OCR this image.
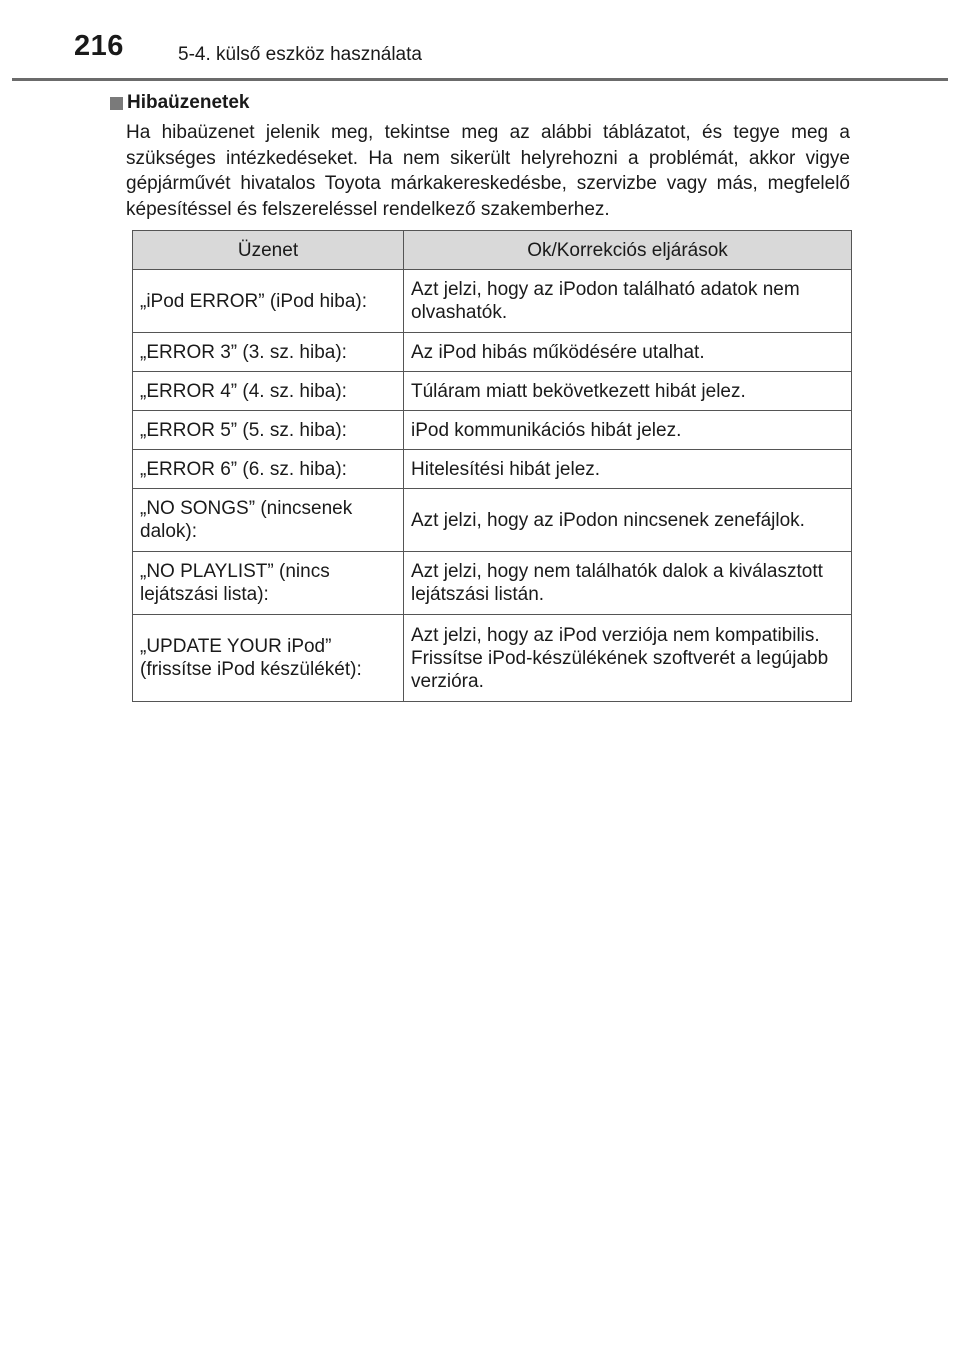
216	5-4. külső eszköz használata
Hibaüzenetek

Ha hibaüzenet jelenik meg, tekintse meg az alábbi táblázatot, és tegye meg a szükséges intézkedéseket. Ha nem sikerült helyrehozni a problémát, akkor vigye gépjárművét hivatalos Toyota márkakereskedésbe, szervizbe vagy más, megfelelő képesítéssel és felszereléssel rendelkező szakemberhez.

Üzenet	Ok/Korrekciós eljárások
„iPod ERROR” (iPod hiba):	Azt jelzi, hogy az iPodon található adatok nem olvashatók.
„ERROR 3” (3. sz. hiba):	Az iPod hibás működésére utalhat.
„ERROR 4” (4. sz. hiba):	Túláram miatt bekövetkezett hibát jelez.
„ERROR 5” (5. sz. hiba):	iPod kommunikációs hibát jelez.
„ERROR 6” (6. sz. hiba):	Hitelesítési hibát jelez.
„NO SONGS” (nincsenek dalok):	Azt jelzi, hogy az iPodon nincsenek zenefájlok.
„NO PLAYLIST” (nincs lejátszási lista):	Azt jelzi, hogy nem találhatók dalok a kiválasztott lejátszási listán.
„UPDATE YOUR iPod” (frissítse iPod készülékét):	Azt jelzi, hogy az iPod verziója nem kompatibilis. Frissítse iPod-készülékének szoftverét a legújabb verzióra.
